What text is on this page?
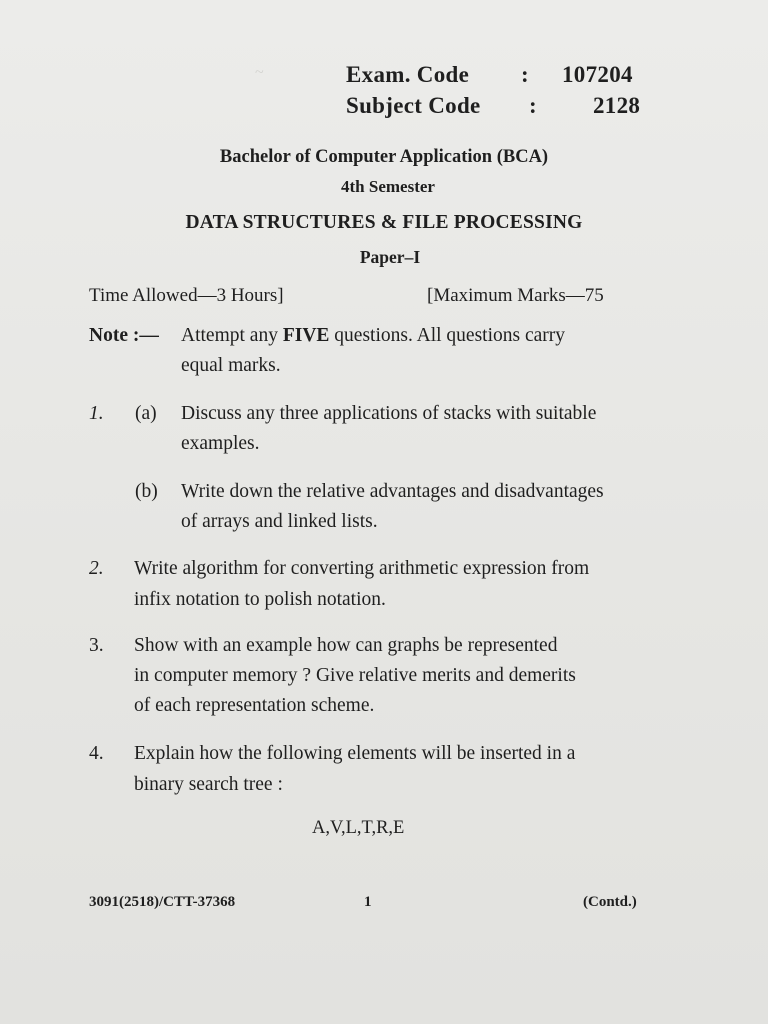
~	Exam. Code : 107204
Subject Code : 2128
Bachelor of Computer Application (BCA)
4th Semester
DATA STRUCTURES & FILE PROCESSING
Paper–I
Time Allowed—3 Hours]	[Maximum Marks—75
Note :— Attempt any FIVE questions. All questions carry
equal marks.
1. (a) Discuss any three applications of stacks with suitable
examples.
(b) Write down the relative advantages and disadvantages
of arrays and linked lists.
2. Write algorithm for converting arithmetic expression from
infix notation to polish notation.
3. Show with an example how can graphs be represented
in computer memory ? Give relative merits and demerits
of each representation scheme.
4. Explain how the following elements will be inserted in a
binary search tree :
A,V,L,T,R,E
3091(2518)/CTT-37368	1	(Contd.)
